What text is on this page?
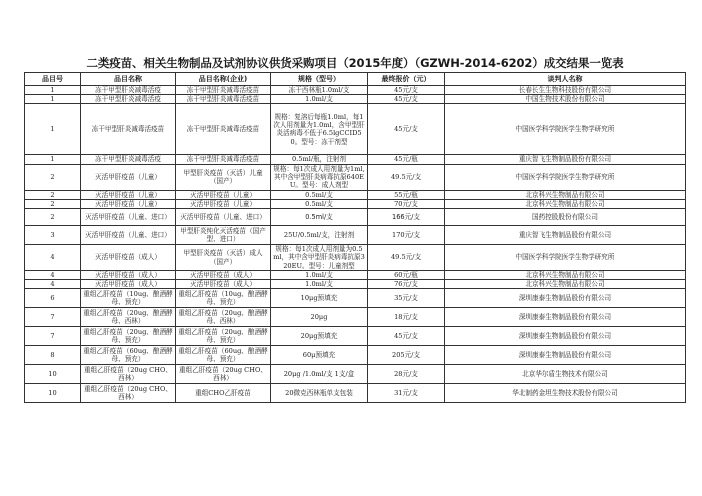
二类疫苗、相关生物制品及试剂协议供货采购项目（2015年度）（GZWH-2014-6202）成交结果一览表
品目号	品目名称	品目名称(企业)	规格（型号）	最终报价（元）	谈判人名称
1	冻干甲型肝炎减毒活疫	冻干甲型肝炎减毒活疫苗	冻干西林瓶1.0ml/支	45元/支	长春长生生物科技股份有限公司
1	冻干甲型肝炎减毒活疫	冻干甲型肝炎减毒活疫苗	1.0ml/支	45元/支	中国生物技术股份有限公司
1	冻干甲型肝炎减毒活疫苗	冻干甲型肝炎减毒活疫苗	规格：复溶后每瓶1.0ml，每1次人用剂量为1.0ml，含甲型肝炎活病毒不低于6.5lgCCID50。型号：冻干剂型	45元/支	中国医学科学院医学生物学研究所
1	冻干甲型肝炎减毒活疫	冻干甲型肝炎减毒活疫苗	0.5ml/瓶，注射剂	45元/瓶	重庆智飞生物制品股份有限公司
2	灭活甲肝疫苗（儿童）	甲型肝炎疫苗（灭活）儿童（国产）	规格：每1次成人用剂量为1ml,其中含甲型肝炎病毒抗原640EU。型号：成人剂型	49.5元/支	中国医学科学院医学生物学研究所
2	灭活甲肝疫苗（儿童）	灭活甲肝疫苗（儿童）	0.5ml/支	55元/瓶	北京科兴生物制品有限公司
2	灭活甲肝疫苗（儿童）	灭活甲肝疫苗（儿童）	0.5ml/支	70元/支	北京科兴生物制品有限公司
2	灭活甲肝疫苗（儿童、进口）	灭活甲肝疫苗（儿童、进口）	0.5ml/支	166元/支	国药控股股份有限公司
3	灭活甲肝疫苗（儿童、进口）	甲型肝炎纯化灭活疫苗（国产型、进口）	25U/0.5ml/支，注射剂	170元/支	重庆智飞生物制品股份有限公司
4	灭活甲肝疫苗（成人）	甲型肝炎疫苗（灭活）成人（国产）	规格：每1次成人用剂量为0.5ml，其中含甲型肝炎病毒抗原320EU。型号：儿童剂型	49.5元/支	中国医学科学院医学生物学研究所
4	灭活甲肝疫苗（成人）	灭活甲肝疫苗（成人）	1.0ml/支	60元/瓶	北京科兴生物制品有限公司
4	灭活甲肝疫苗（成人）	灭活甲肝疫苗（成人）	1.0ml/支	76元/支	北京科兴生物制品有限公司
6	重组乙肝疫苗（10ug、酿酒酵母、预充）	重组乙肝疫苗（10ug、酿酒酵母、预充）	10μg预填充	35元/支	深圳康泰生物制品股份有限公司
7	重组乙肝疫苗（20ug、酿酒酵母、西林）	重组乙肝疫苗（20ug、酿酒酵母、西林）	20μg	18元/支	深圳康泰生物制品股份有限公司
7	重组乙肝疫苗（20ug、酿酒酵母、预充）	重组乙肝疫苗（20ug、酿酒酵母、预充）	20μg预填充	45元/支	深圳康泰生物制品股份有限公司
8	重组乙肝疫苗（60ug、酿酒酵母、预充）	重组乙肝疫苗（60ug、酿酒酵母、预充）	60μ预填充	205元/支	深圳康泰生物制品股份有限公司
10	重组乙肝疫苗（20ug CHO、西林）	重组乙肝疫苗（20ug CHO、西林）	20μg /1.0ml/支 1支/盒	28元/支	北京华尔盾生物技术有限公司
10	重组乙肝疫苗（20ug CHO、西林）	重组CHO乙肝疫苗	20微克西林瓶单支包装	31元/支	华北制药金坦生物技术股份有限公司
